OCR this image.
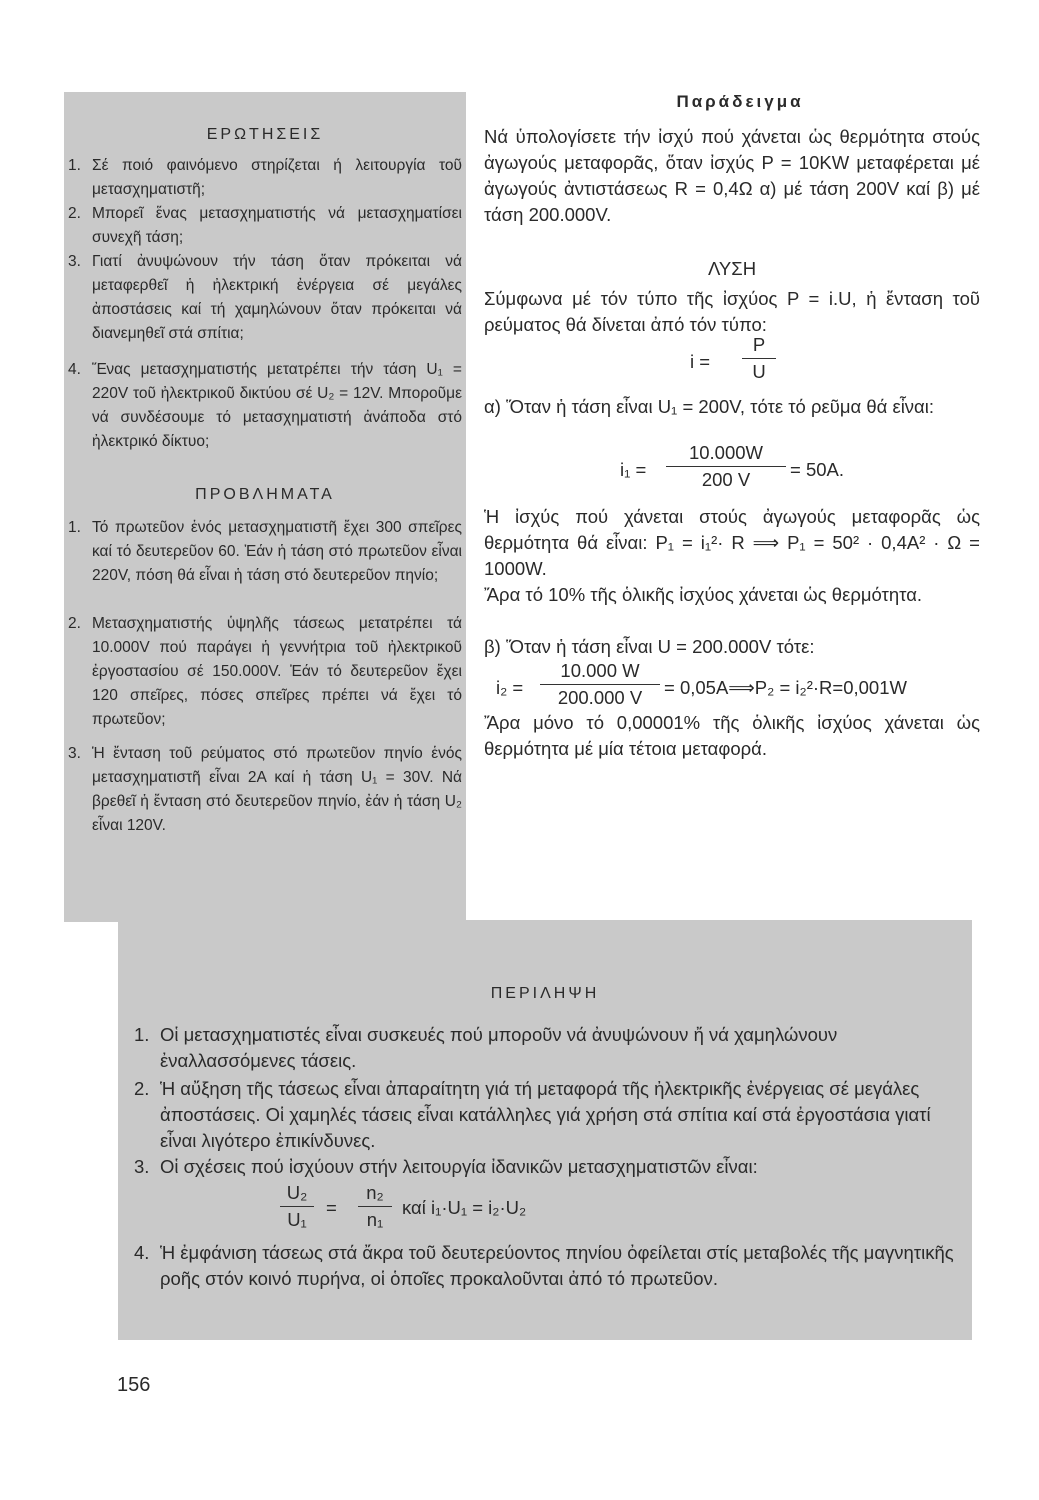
ΕΡΩΤΗΣΕΙΣ
1. Σέ ποιό φαινόμενο στηρίζεται ή λειτουργία τοῦ μετασχηματιστῆ;
2. Μπορεῖ ἕνας μετασχηματιστής νά μετασχηματίσει συνεχῆ τάση;
3. Γιατί ἀνυψώνουν τήν τάση ὅταν πρόκειται νά μεταφερθεῖ ἡ ἠλεκτρική ἐνέργεια σέ μεγάλες ἀποστάσεις καί τή χαμηλώνουν ὅταν πρόκειται νά διανεμηθεῖ στά σπίτια;
4. Ἕνας μετασχηματιστής μετατρέπει τήν τάση U₁ = 220V τοῦ ἠλεκτρικοῦ δικτύου σέ U₂ = 12V. Μποροῦμε νά συνδέσουμε τό μετασχηματιστή ἀνάποδα στό ἠλεκτρικό δίκτυο;
ΠΡΟΒΛΗΜΑΤΑ
1. Τό πρωτεῦον ἑνός μετασχηματιστῆ ἔχει 300 σπεῖρες καί τό δευτερεῦον 60. Ἐάν ἡ τάση στό πρωτεῦον εἶναι 220V, πόση θά εἶναι ἡ τάση στό δευτερεῦον πηνίο;
2. Μετασχηματιστής ὑψηλῆς τάσεως μετατρέπει τά 10.000V πού παράγει ἡ γεννήτρια τοῦ ἠλεκτρικοῦ ἐργοστασίου σέ 150.000V. Ἐάν τό δευτερεῦον ἔχει 120 σπεῖρες, πόσες σπεῖρες πρέπει νά ἔχει τό πρωτεῦον;
3. Ἡ ἔνταση τοῦ ρεύματος στό πρωτεῦον πηνίο ἑνός μετασχηματιστῆ εἶναι 2Α καί ἡ τάση U₁ = 30V. Νά βρεθεῖ ἡ ἔνταση στό δευτερεῦον πηνίο, ἐάν ἡ τάση U₂ εἶναι 120V.
Παράδειγμα
Νά ὑπολογίσετε τήν ἰσχύ πού χάνεται ὡς θερμότητα στούς ἀγωγούς μεταφορᾶς, ὅταν ἰσχύς P = 10KW μεταφέρεται μέ ἀγωγούς ἀντιστάσεως R = 0,4Ω α) μέ τάση 200V καί β) μέ τάση 200.000V.
ΛΥΣΗ
Σύμφωνα μέ τόν τύπο τῆς ἰσχύος P = i.U, ἡ ἔνταση τοῦ ρεύματος θά δίνεται ἀπό τόν τύπο:
i =
P
U
α) Ὅταν ἡ τάση εἶναι U₁ = 200V, τότε τό ρεῦμα θά εἶναι:
i₁ =
10.000W
200 V	= 50A.
Ἡ ἰσχύς πού χάνεται στούς ἀγωγούς μεταφορᾶς ὡς θερμότητα θά εἶναι: P₁ = i₁²· R ⟹ P₁ = 50² · 0,4A² · Ω = 1000W.
Ἄρα τό 10% τῆς ὁλικῆς ἰσχύος χάνεται ὡς θερμότητα.
β) Ὅταν ἡ τάση εἶναι U = 200.000V τότε:
i₂ =
10.000 W
200.000 V	= 0,05A⟹P₂ = i₂²·R=0,001W
Ἄρα μόνο τό 0,00001% τῆς ὁλικῆς ἰσχύος χάνεται ὡς θερμότητα μέ μία τέτοια μεταφορά.
ΠΕΡΙΛΗΨΗ
1. Οἱ μετασχηματιστές εἶναι συσκευές πού μποροῦν νά ἀνυψώνουν ἤ νά χαμηλώνουν ἐναλλασσόμενες τάσεις.
2. Ἡ αὔξηση τῆς τάσεως εἶναι ἀπαραίτητη γιά τή μεταφορά τῆς ἠλεκτρικῆς ἐνέργειας σέ μεγάλες ἀποστάσεις. Οἱ χαμηλές τάσεις εἶναι κατάλληλες γιά χρήση στά σπίτια καί στά ἐργοστάσια γιατί εἶναι λιγότερο ἐπικίνδυνες.
3. Οἱ σχέσεις πού ἰσχύουν στήν λειτουργία ἰδανικῶν μετασχηματιστῶν εἶναι:
U₂
U₁
=
n₂
n₁
καί i₁·U₁ = i₂·U₂
4. Ἡ ἐμφάνιση τάσεως στά ἄκρα τοῦ δευτερεύοντος πηνίου ὀφείλεται στίς μεταβολές τῆς μαγνητικῆς ροῆς στόν κοινό πυρήνα, οἱ ὁποῖες προκαλοῦνται ἀπό τό πρωτεῦον.
156
